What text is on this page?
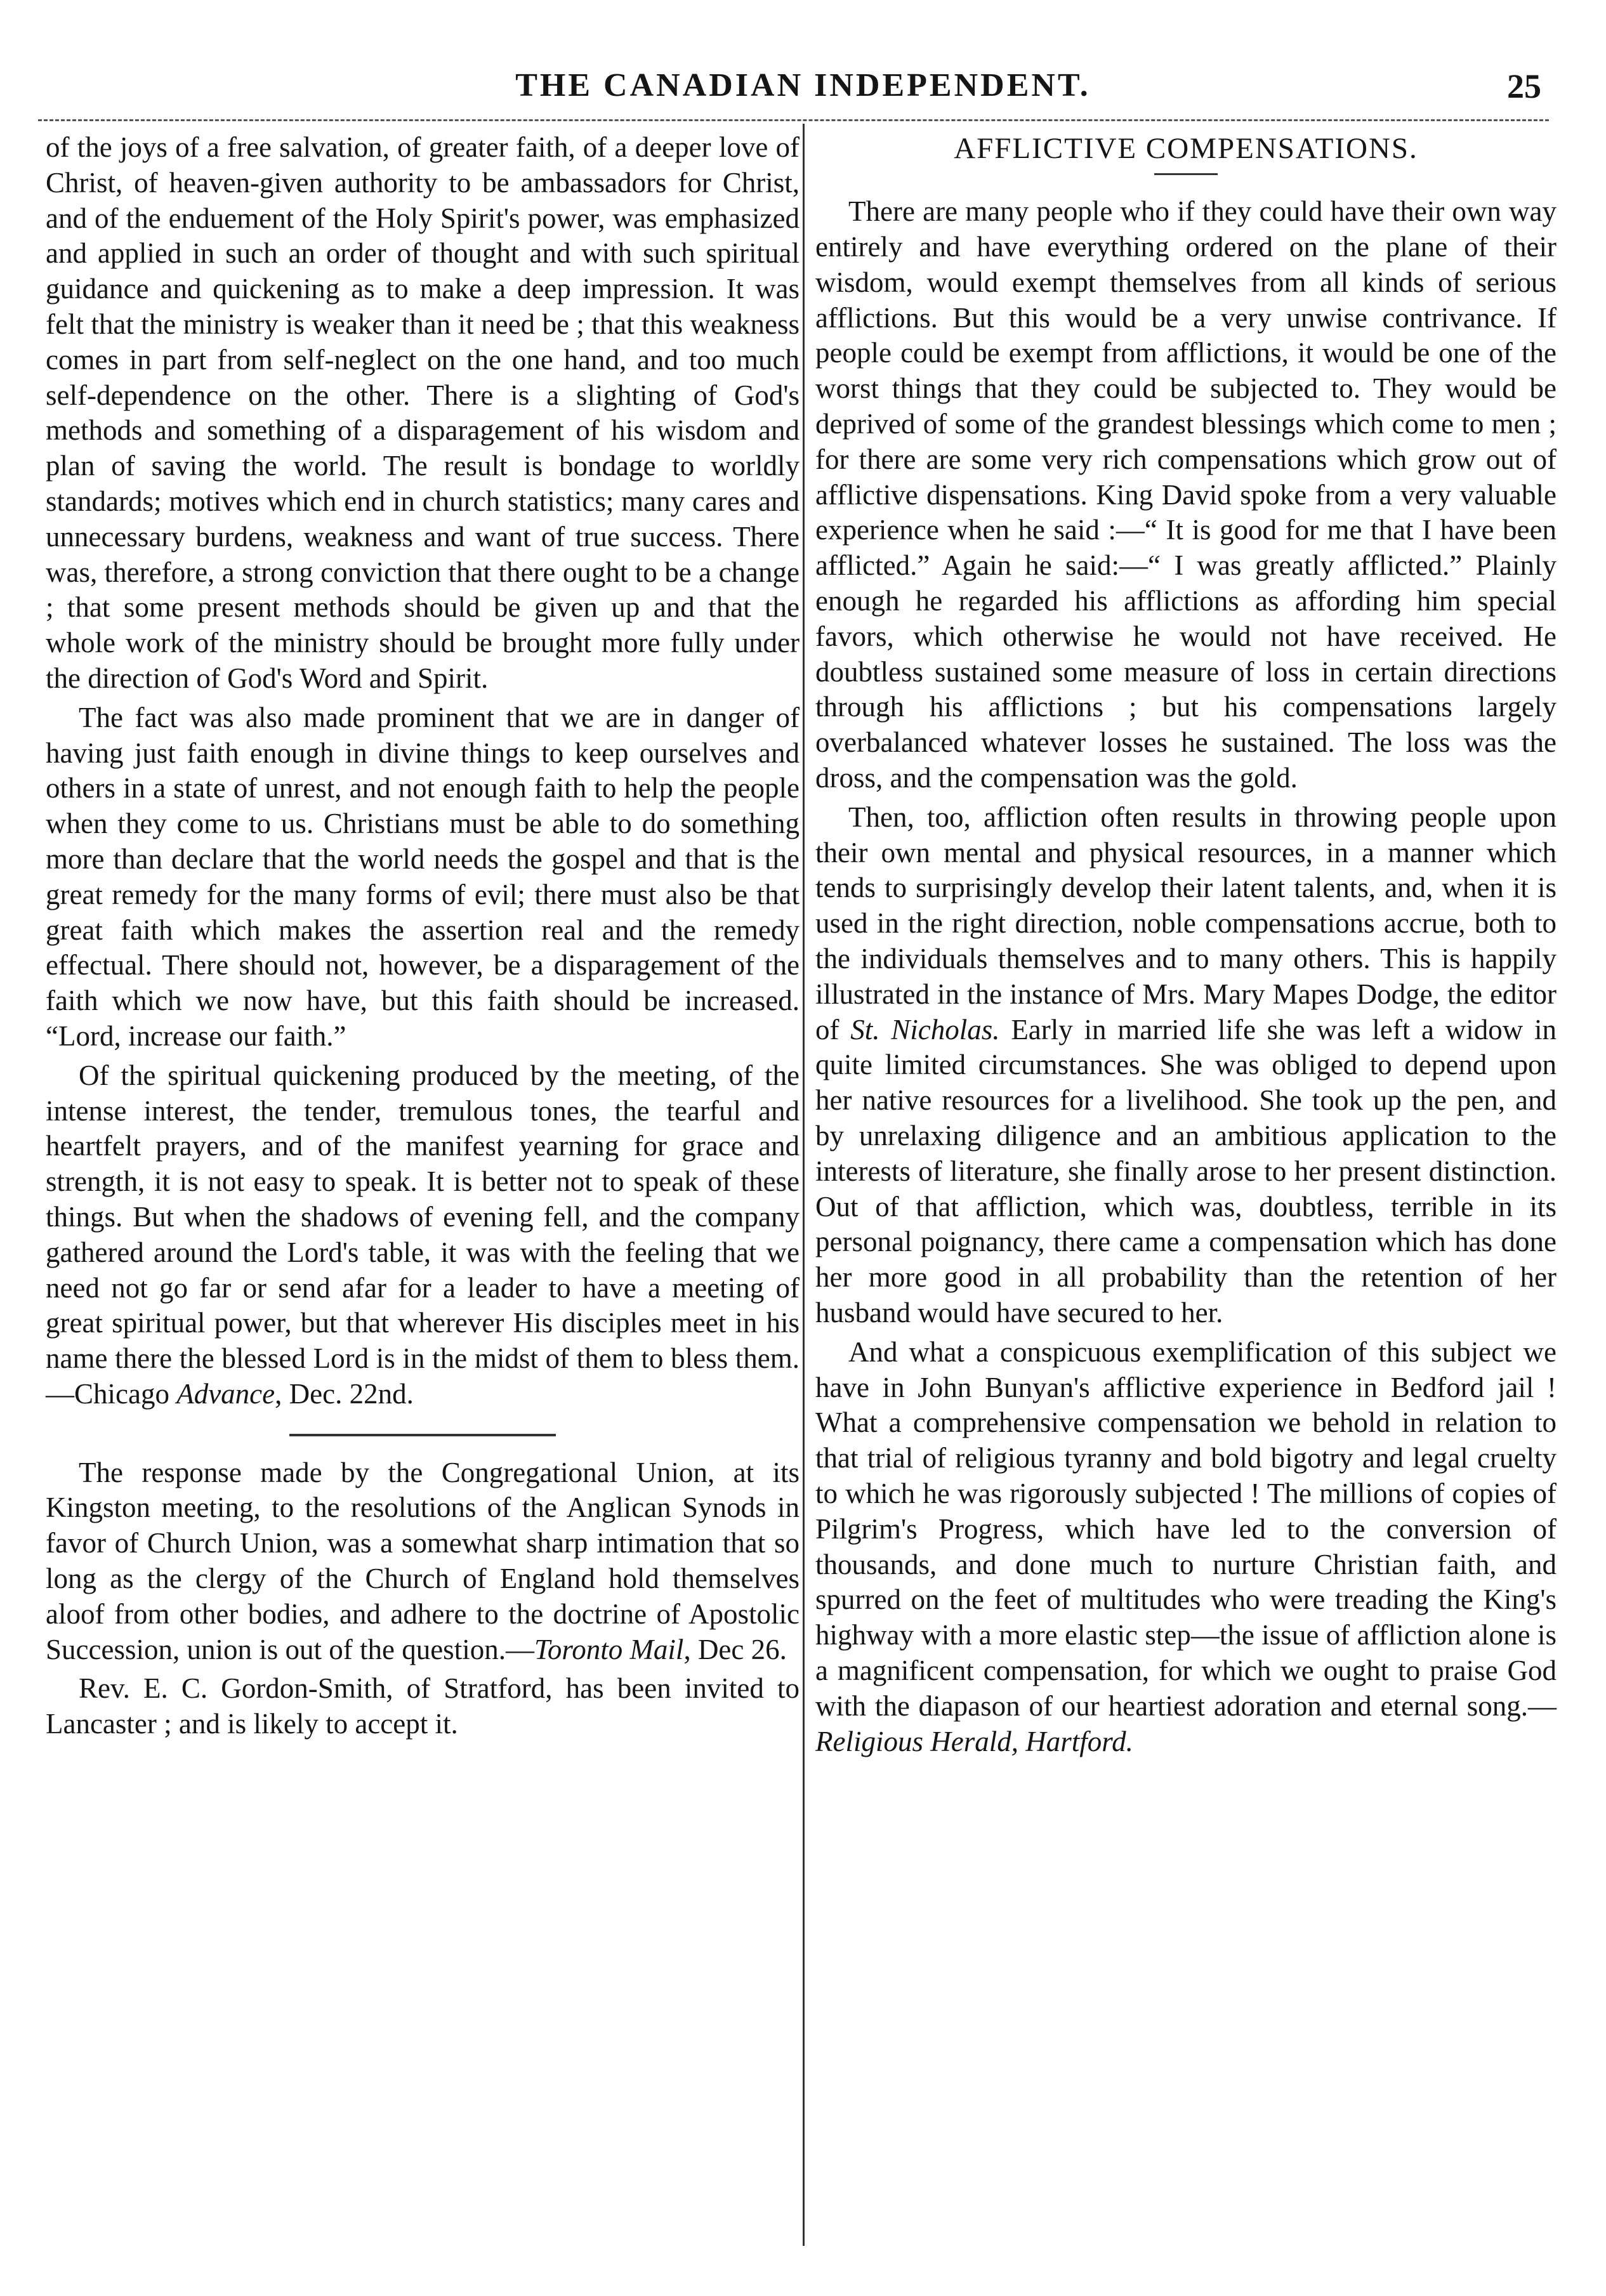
THE CANADIAN INDEPENDENT.	25

of the joys of a free salvation, of greater faith, of a deeper love of Christ, of heaven-given authority to be ambassadors for Christ, and of the enduement of the Holy Spirit's power, was emphasized and applied in such an order of thought and with such spiritual guidance and quickening as to make a deep impression. It was felt that the ministry is weaker than it need be ; that this weakness comes in part from self-neglect on the one hand, and too much self-dependence on the other. There is a slighting of God's methods and something of a disparagement of his wisdom and plan of saving the world. The result is bondage to worldly standards; motives which end in church statistics; many cares and unnecessary burdens, weakness and want of true success. There was, therefore, a strong conviction that there ought to be a change ; that some present methods should be given up and that the whole work of the ministry should be brought more fully under the direction of God's Word and Spirit.

The fact was also made prominent that we are in danger of having just faith enough in divine things to keep ourselves and others in a state of unrest, and not enough faith to help the people when they come to us. Christians must be able to do something more than declare that the world needs the gospel and that is the great remedy for the many forms of evil; there must also be that great faith which makes the assertion real and the remedy effectual. There should not, however, be a disparagement of the faith which we now have, but this faith should be increased. “Lord, increase our faith.”

Of the spiritual quickening produced by the meeting, of the intense interest, the tender, tremulous tones, the tearful and heartfelt prayers, and of the manifest yearning for grace and strength, it is not easy to speak. It is better not to speak of these things. But when the shadows of evening fell, and the company gathered around the Lord's table, it was with the feeling that we need not go far or send afar for a leader to have a meeting of great spiritual power, but that wherever His disciples meet in his name there the blessed Lord is in the midst of them to bless them.—Chicago Advance, Dec. 22nd.

The response made by the Congregational Union, at its Kingston meeting, to the resolutions of the Anglican Synods in favor of Church Union, was a somewhat sharp intimation that so long as the clergy of the Church of England hold themselves aloof from other bodies, and adhere to the doctrine of Apostolic Succession, union is out of the question.—Toronto Mail, Dec 26.

Rev. E. C. Gordon-Smith, of Stratford, has been invited to Lancaster ; and is likely to accept it.

AFFLICTIVE COMPENSATIONS.

There are many people who if they could have their own way entirely and have everything ordered on the plane of their wisdom, would exempt themselves from all kinds of serious afflictions. But this would be a very unwise contrivance. If people could be exempt from afflictions, it would be one of the worst things that they could be subjected to. They would be deprived of some of the grandest blessings which come to men ; for there are some very rich compensations which grow out of afflictive dispensations. King David spoke from a very valuable experience when he said :—“ It is good for me that I have been afflicted.” Again he said:—“ I was greatly afflicted.” Plainly enough he regarded his afflictions as affording him special favors, which otherwise he would not have received. He doubtless sustained some measure of loss in certain directions through his afflictions ; but his compensations largely overbalanced whatever losses he sustained. The loss was the dross, and the compensation was the gold.

Then, too, affliction often results in throwing people upon their own mental and physical resources, in a manner which tends to surprisingly develop their latent talents, and, when it is used in the right direction, noble compensations accrue, both to the individuals themselves and to many others. This is happily illustrated in the instance of Mrs. Mary Mapes Dodge, the editor of St. Nicholas. Early in married life she was left a widow in quite limited circumstances. She was obliged to depend upon her native resources for a livelihood. She took up the pen, and by unrelaxing diligence and an ambitious application to the interests of literature, she finally arose to her present distinction. Out of that affliction, which was, doubtless, terrible in its personal poignancy, there came a compensation which has done her more good in all probability than the retention of her husband would have secured to her.

And what a conspicuous exemplification of this subject we have in John Bunyan's afflictive experience in Bedford jail ! What a comprehensive compensation we behold in relation to that trial of religious tyranny and bold bigotry and legal cruelty to which he was rigorously subjected ! The millions of copies of Pilgrim's Progress, which have led to the conversion of thousands, and done much to nurture Christian faith, and spurred on the feet of multitudes who were treading the King's highway with a more elastic step—the issue of affliction alone is a magnificent compensation, for which we ought to praise God with the diapason of our heartiest adoration and eternal song.—Religious Herald, Hartford.
